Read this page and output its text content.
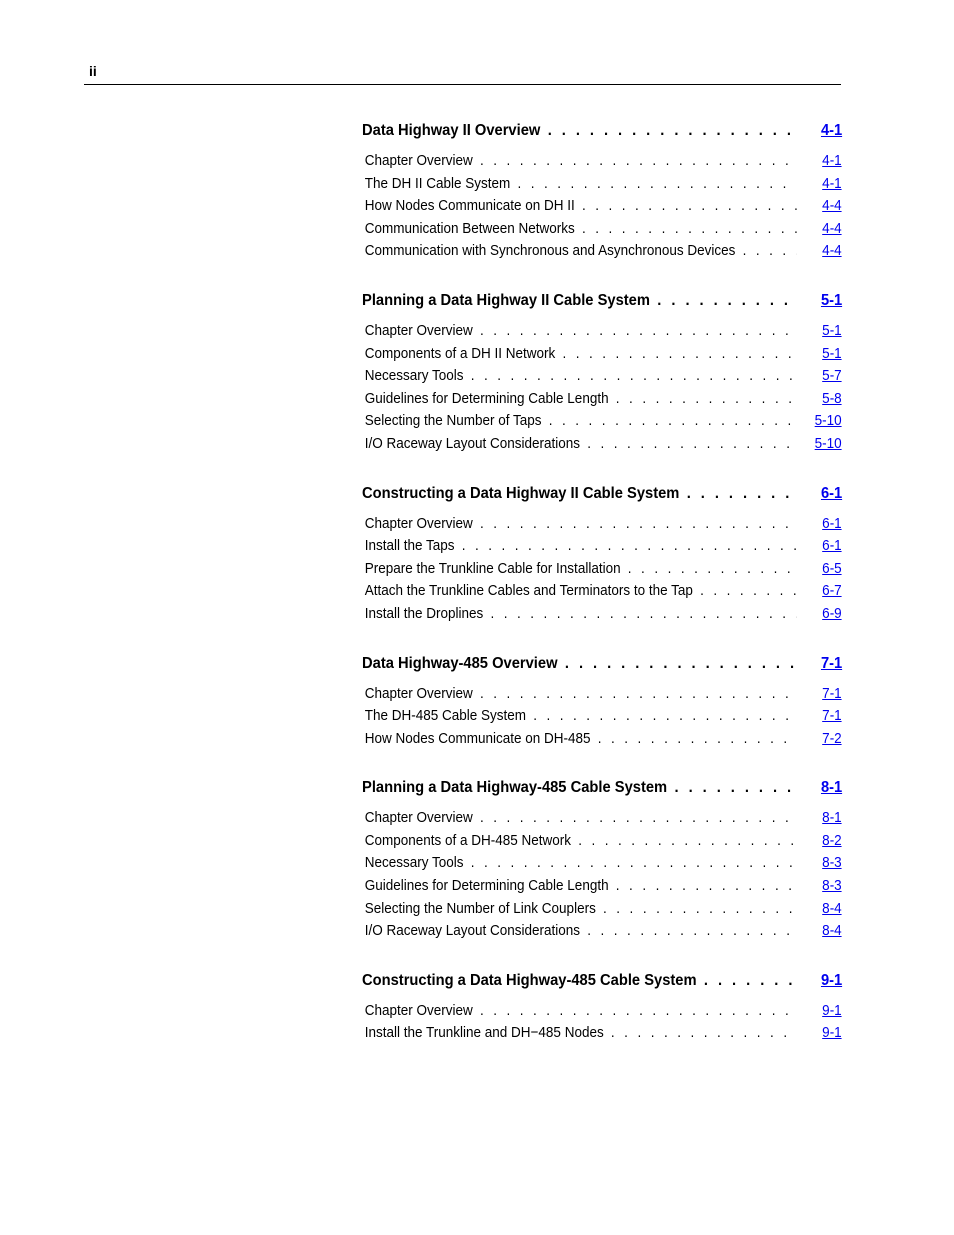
ii
Data Highway II Overview . . .	4-1
Chapter Overview . . .	4-1
The DH II Cable System . . .	4-1
How Nodes Communicate on DH II . . .	4-4
Communication Between Networks . . .	4-4
Communication with Synchronous and Asynchronous Devices . . .	4-4
Planning a Data Highway II Cable System . . .	5-1
Chapter Overview . . .	5-1
Components of a DH II Network . . .	5-1
Necessary Tools . . .	5-7
Guidelines for Determining Cable Length . . .	5-8
Selecting the Number of Taps . . .	5-10
I/O Raceway Layout Considerations . . .	5-10
Constructing a Data Highway II Cable System . . .	6-1
Chapter Overview . . .	6-1
Install the Taps . . .	6-1
Prepare the Trunkline Cable for Installation . . .	6-5
Attach the Trunkline Cables and Terminators to the Tap . . .	6-7
Install the Droplines . . .	6-9
Data Highway-485 Overview . . .	7-1
Chapter Overview . . .	7-1
The DH-485 Cable System . . .	7-1
How Nodes Communicate on DH-485 . . .	7-2
Planning a Data Highway-485 Cable System . . .	8-1
Chapter Overview . . .	8-1
Components of a DH-485 Network . . .	8-2
Necessary Tools . . .	8-3
Guidelines for Determining Cable Length . . .	8-3
Selecting the Number of Link Couplers . . .	8-4
I/O Raceway Layout Considerations . . .	8-4
Constructing a Data Highway-485 Cable System . . .	9-1
Chapter Overview . . .	9-1
Install the Trunkline and DH−485 Nodes . . .	9-1
